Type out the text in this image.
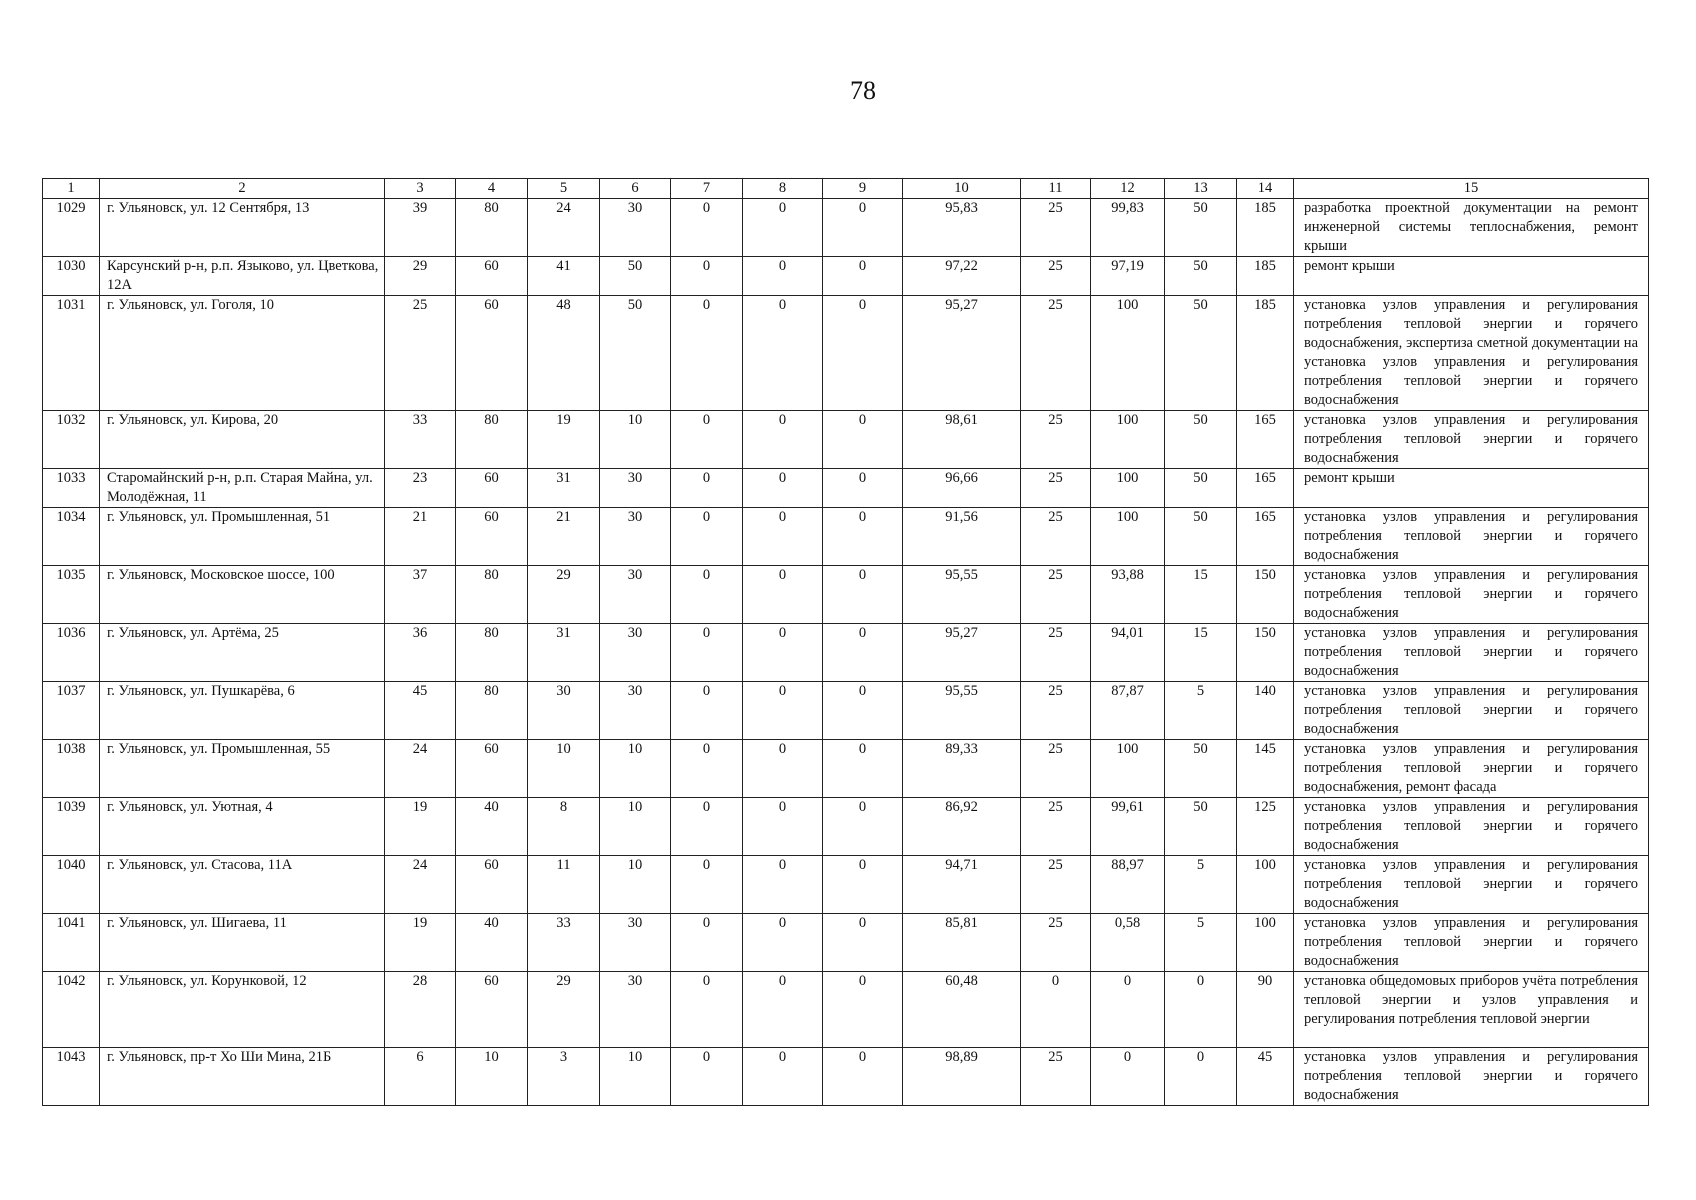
78
1	2	3	4	5	6	7	8	9	10	11	12	13	14	15
1029	г. Ульяновск, ул. 12 Сентября, 13	39	80	24	30	0	0	0	95,83	25	99,83	50	185	разработка проектной документации на ремонт инженерной системы теплоснабжения, ремонт крыши
1030	Карсунский р-н, р.п. Языково, ул. Цветкова, 12А	29	60	41	50	0	0	0	97,22	25	97,19	50	185	ремонт крыши
1031	г. Ульяновск, ул. Гоголя, 10	25	60	48	50	0	0	0	95,27	25	100	50	185	установка узлов управления и регулирования потребления тепловой энергии и горячего водоснабжения, экспертиза сметной документации на установка узлов управления и регулирования потребления тепловой энергии и горячего водоснабжения
1032	г. Ульяновск, ул. Кирова, 20	33	80	19	10	0	0	0	98,61	25	100	50	165	установка узлов управления и регулирования потребления тепловой энергии и горячего водоснабжения
1033	Старомайнский р-н, р.п. Старая Майна, ул. Молодёжная, 11	23	60	31	30	0	0	0	96,66	25	100	50	165	ремонт крыши
1034	г. Ульяновск, ул. Промышленная, 51	21	60	21	30	0	0	0	91,56	25	100	50	165	установка узлов управления и регулирования потребления тепловой энергии и горячего водоснабжения
1035	г. Ульяновск, Московское шоссе, 100	37	80	29	30	0	0	0	95,55	25	93,88	15	150	установка узлов управления и регулирования потребления тепловой энергии и горячего водоснабжения
1036	г. Ульяновск, ул. Артёма, 25	36	80	31	30	0	0	0	95,27	25	94,01	15	150	установка узлов управления и регулирования потребления тепловой энергии и горячего водоснабжения
1037	г. Ульяновск, ул. Пушкарёва, 6	45	80	30	30	0	0	0	95,55	25	87,87	5	140	установка узлов управления и регулирования потребления тепловой энергии и горячего водоснабжения
1038	г. Ульяновск, ул. Промышленная, 55	24	60	10	10	0	0	0	89,33	25	100	50	145	установка узлов управления и регулирования потребления тепловой энергии и горячего водоснабжения, ремонт фасада
1039	г. Ульяновск, ул. Уютная, 4	19	40	8	10	0	0	0	86,92	25	99,61	50	125	установка узлов управления и регулирования потребления тепловой энергии и горячего водоснабжения
1040	г. Ульяновск, ул. Стасова, 11А	24	60	11	10	0	0	0	94,71	25	88,97	5	100	установка узлов управления и регулирования потребления тепловой энергии и горячего водоснабжения
1041	г. Ульяновск, ул. Шигаева, 11	19	40	33	30	0	0	0	85,81	25	0,58	5	100	установка узлов управления и регулирования потребления тепловой энергии и горячего водоснабжения
1042	г. Ульяновск, ул. Корунковой, 12	28	60	29	30	0	0	0	60,48	0	0	0	90	установка общедомовых приборов учёта потребления тепловой энергии и узлов управления и регулирования потребления тепловой энергии
1043	г. Ульяновск, пр-т Хо Ши Мина, 21Б	6	10	3	10	0	0	0	98,89	25	0	0	45	установка узлов управления и регулирования потребления тепловой энергии и горячего водоснабжения
